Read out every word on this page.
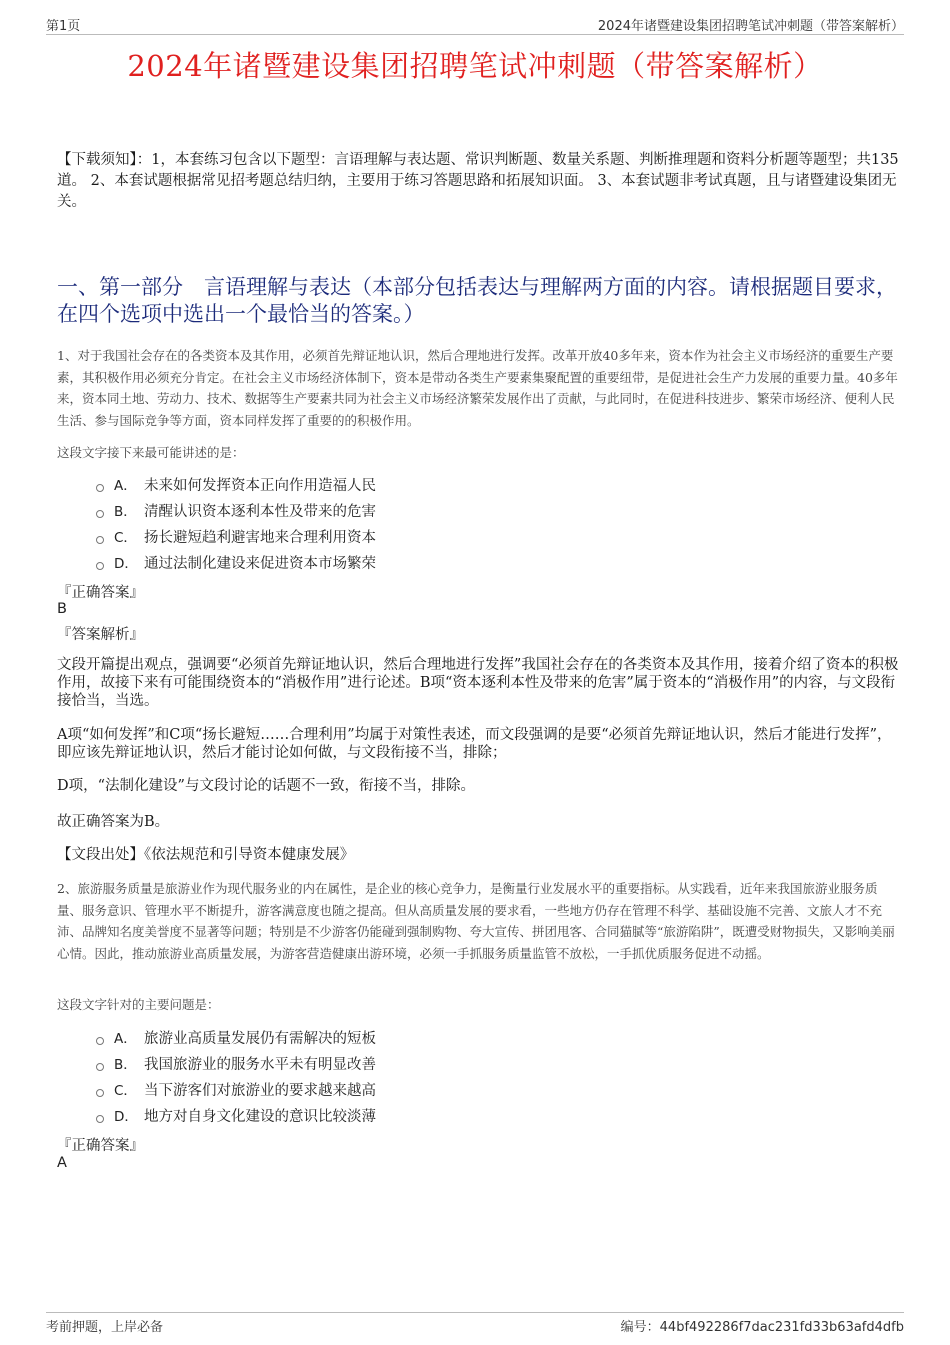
第1页	2024年诸暨建设集团招聘笔试冲刺题（带答案解析）
2024年诸暨建设集团招聘笔试冲刺题（带答案解析）

【下载须知】：1，本套练习包含以下题型：言语理解与表达题、常识判断题、数量关系题、判断推理题和资料分析题等题型；共135道。 2、本套试题根据常见招考题总结归纳，主要用于练习答题思路和拓展知识面。 3、本套试题非考试真题，且与诸暨建设集团无关。

一、第一部分　言语理解与表达（本部分包括表达与理解两方面的内容。请根据题目要求，在四个选项中选出一个最恰当的答案。）

1、对于我国社会存在的各类资本及其作用，必须首先辩证地认识，然后合理地进行发挥。改革开放40多年来，资本作为社会主义市场经济的重要生产要素，其积极作用必须充分肯定。在社会主义市场经济体制下，资本是带动各类生产要素集聚配置的重要纽带，是促进社会生产力发展的重要力量。40多年来，资本同土地、劳动力、技术、数据等生产要素共同为社会主义市场经济繁荣发展作出了贡献，与此同时，在促进科技进步、繁荣市场经济、便利人民生活、参与国际竞争等方面，资本同样发挥了重要的的积极作用。

这段文字接下来最可能讲述的是：

A． 未来如何发挥资本正向作用造福人民
B． 清醒认识资本逐利本性及带来的危害
C． 扬长避短趋利避害地来合理利用资本
D． 通过法制化建设来促进资本市场繁荣

『正确答案』

B

『答案解析』

文段开篇提出观点，强调要“必须首先辩证地认识，然后合理地进行发挥”我国社会存在的各类资本及其作用，接着介绍了资本的积极作用，故接下来有可能围绕资本的“消极作用”进行论述。B项“资本逐利本性及带来的危害”属于资本的“消极作用”的内容，与文段衔接恰当，当选。

A项“如何发挥”和C项“扬长避短……合理利用”均属于对策性表述，而文段强调的是要“必须首先辩证地认识，然后才能进行发挥”，即应该先辩证地认识，然后才能讨论如何做，与文段衔接不当，排除；

D项，“法制化建设”与文段讨论的话题不一致，衔接不当，排除。

故正确答案为B。

【文段出处】《依法规范和引导资本健康发展》

2、旅游服务质量是旅游业作为现代服务业的内在属性，是企业的核心竞争力，是衡量行业发展水平的重要指标。从实践看，近年来我国旅游业服务质量、服务意识、管理水平不断提升，游客满意度也随之提高。但从高质量发展的要求看，一些地方仍存在管理不科学、基础设施不完善、文旅人才不充沛、品牌知名度美誉度不显著等问题；特别是不少游客仍能碰到强制购物、夸大宣传、拼团甩客、合同猫腻等“旅游陷阱”，既遭受财物损失，又影响美丽心情。因此，推动旅游业高质量发展，为游客营造健康出游环境，必须一手抓服务质量监管不放松，一手抓优质服务促进不动摇。

这段文字针对的主要问题是：

A． 旅游业高质量发展仍有需解决的短板
B． 我国旅游业的服务水平未有明显改善
C． 当下游客们对旅游业的要求越来越高
D． 地方对自身文化建设的意识比较淡薄

『正确答案』

A

考前押题，上岸必备	编号：44bf492286f7dac231fd33b63afd4dfb
